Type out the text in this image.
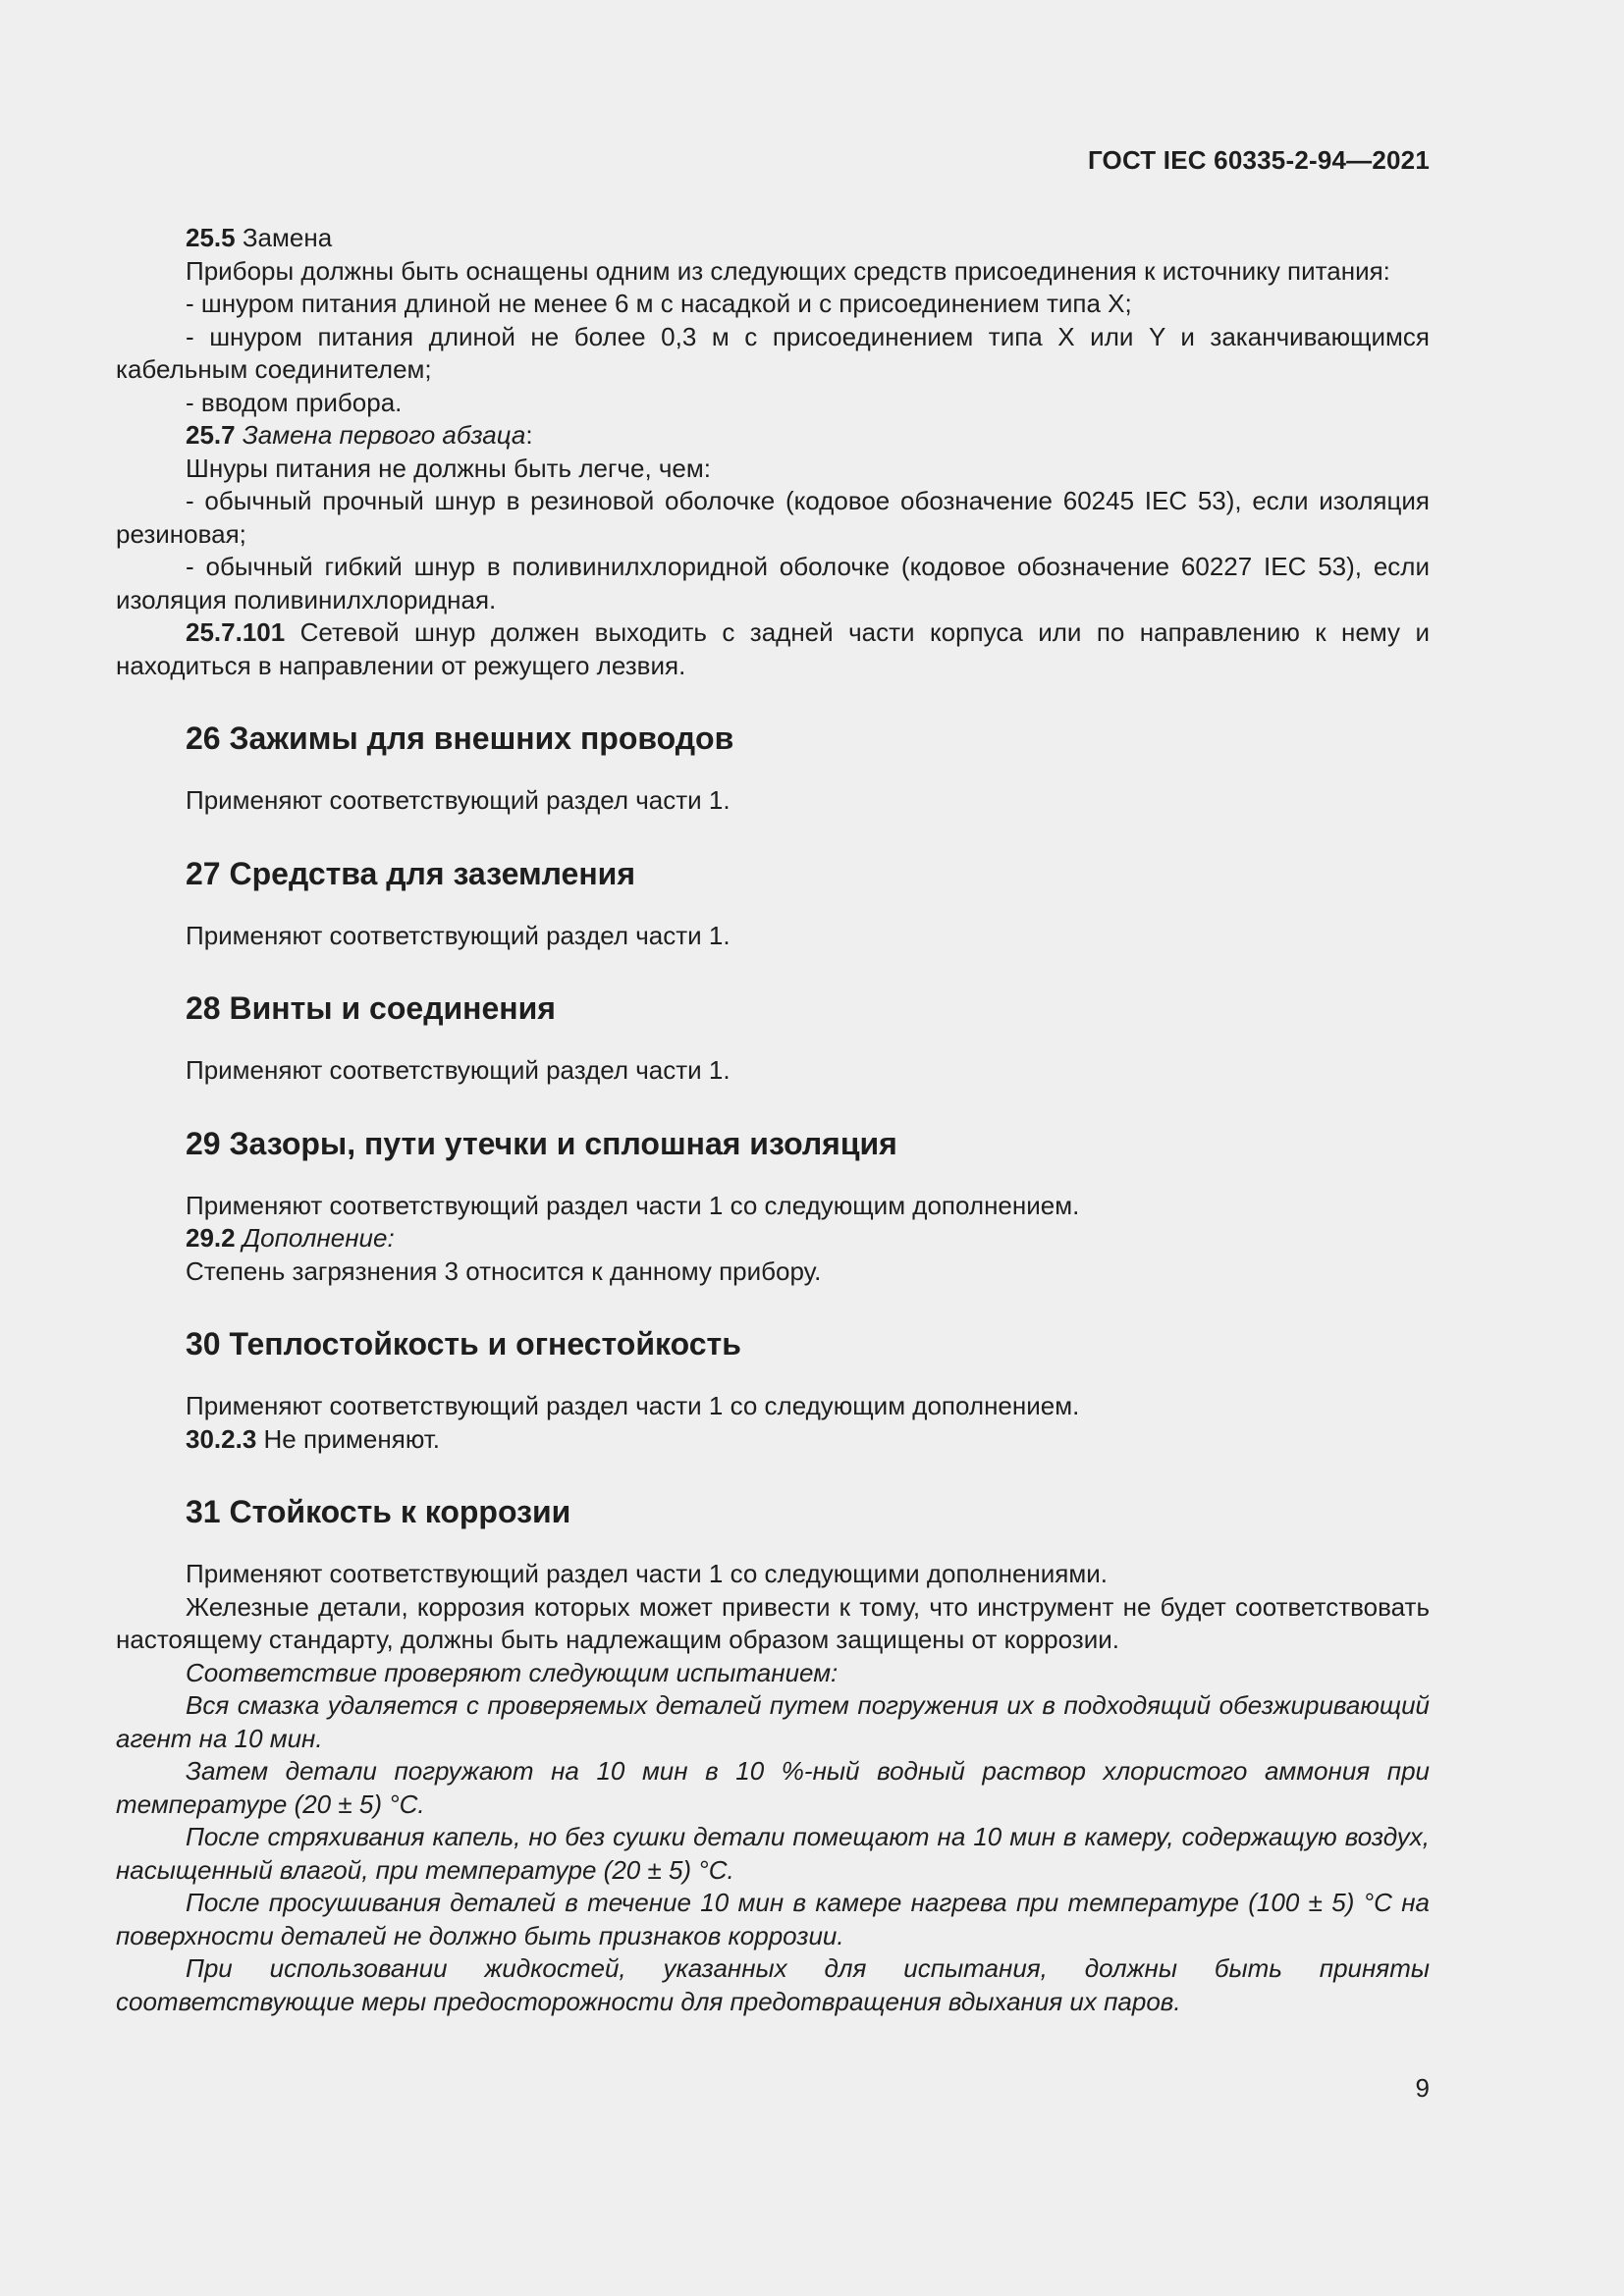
ГОСТ IEC 60335-2-94—2021

25.5 Замена

Приборы должны быть оснащены одним из следующих средств присоединения к источнику питания:

- шнуром питания длиной не менее 6 м с насадкой и с присоединением типа X;

- шнуром питания длиной не более 0,3 м с присоединением типа X или Y и заканчивающимся кабельным соединителем;

- вводом прибора.

25.7 Замена первого абзаца:

Шнуры питания не должны быть легче, чем:

- обычный прочный шнур в резиновой оболочке (кодовое обозначение 60245 IEC 53), если изоляция резиновая;

- обычный гибкий шнур в поливинилхлоридной оболочке (кодовое обозначение 60227 IEC 53), если изоляция поливинилхлоридная.

25.7.101 Сетевой шнур должен выходить с задней части корпуса или по направлению к нему и находиться в направлении от режущего лезвия.

26 Зажимы для внешних проводов

Применяют соответствующий раздел части 1.

27 Средства для заземления

Применяют соответствующий раздел части 1.

28 Винты и соединения

Применяют соответствующий раздел части 1.

29 Зазоры, пути утечки и сплошная изоляция

Применяют соответствующий раздел части 1 со следующим дополнением.

29.2 Дополнение:

Степень загрязнения 3 относится к данному прибору.

30 Теплостойкость и огнестойкость

Применяют соответствующий раздел части 1 со следующим дополнением.

30.2.3 Не применяют.

31 Стойкость к коррозии

Применяют соответствующий раздел части 1 со следующими дополнениями.

Железные детали, коррозия которых может привести к тому, что инструмент не будет соответствовать настоящему стандарту, должны быть надлежащим образом защищены от коррозии.

Соответствие проверяют следующим испытанием:

Вся смазка удаляется с проверяемых деталей путем погружения их в подходящий обезжиривающий агент на 10 мин.

Затем детали погружают на 10 мин в 10 %-ный водный раствор хлористого аммония при температуре (20 ± 5) °С.

После стряхивания капель, но без сушки детали помещают на 10 мин в камеру, содержащую воздух, насыщенный влагой, при температуре (20 ± 5) °С.

После просушивания деталей в течение 10 мин в камере нагрева при температуре (100 ± 5) °С на поверхности деталей не должно быть признаков коррозии.

При использовании жидкостей, указанных для испытания, должны быть приняты соответствующие меры предосторожности для предотвращения вдыхания их паров.

9
